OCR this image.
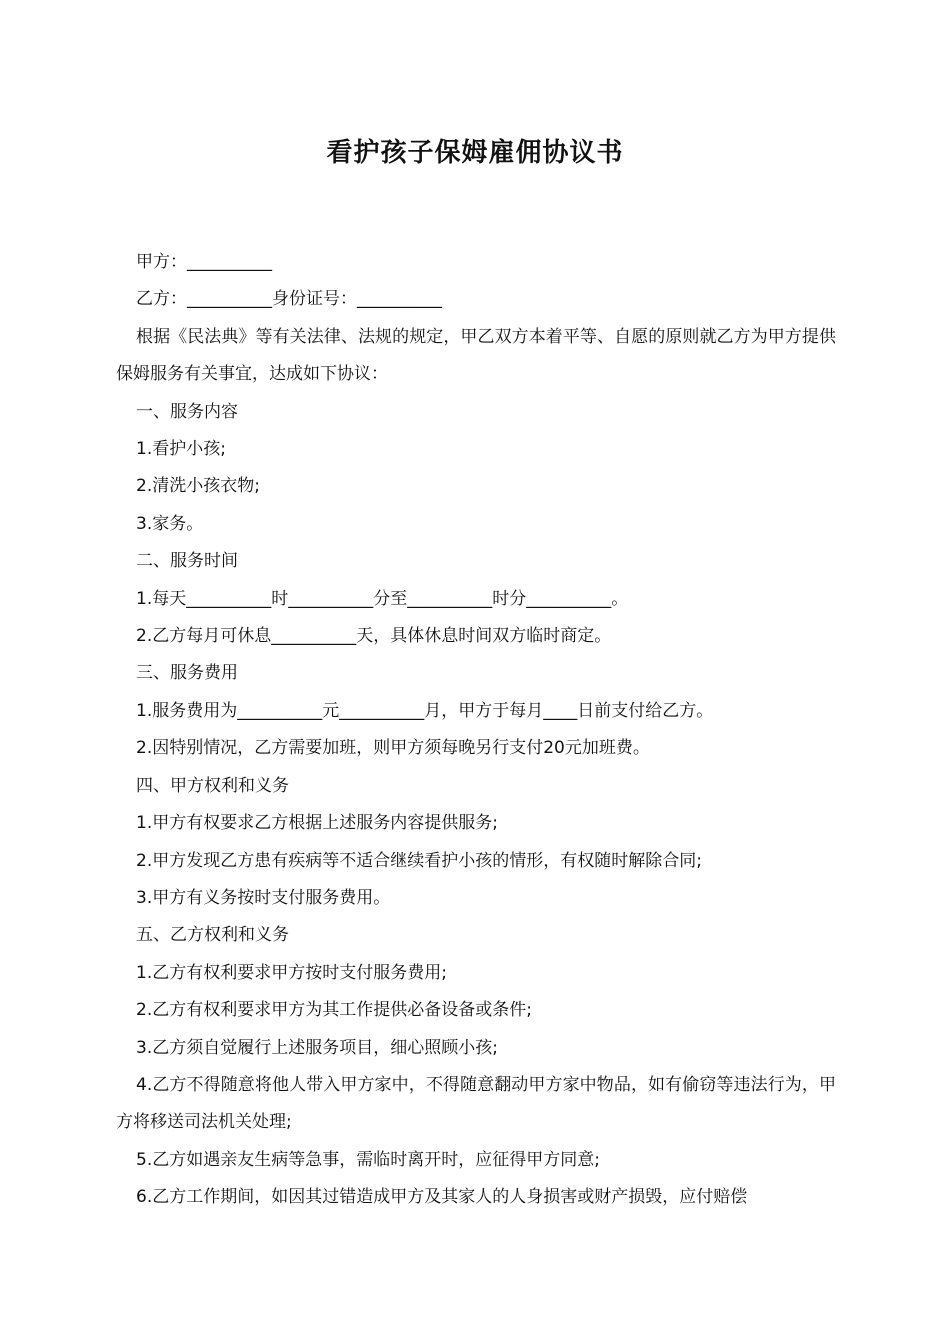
看护孩子保姆雇佣协议书

甲方：__________

乙方：__________身份证号：__________

根据《民法典》等有关法律、法规的规定，甲乙双方本着平等、自愿的原则就乙方为甲方提供保姆服务有关事宜，达成如下协议：

一、服务内容

1.看护小孩;

2.清洗小孩衣物;

3.家务。

二、服务时间

1.每天__________时__________分至__________时分__________。

2.乙方每月可休息__________天，具体休息时间双方临时商定。

三、服务费用

1.服务费用为__________元__________月，甲方于每月____日前支付给乙方。

2.因特别情况，乙方需要加班，则甲方须每晚另行支付20元加班费。

四、甲方权利和义务

1.甲方有权要求乙方根据上述服务内容提供服务;

2.甲方发现乙方患有疾病等不适合继续看护小孩的情形，有权随时解除合同;

3.甲方有义务按时支付服务费用。

五、乙方权利和义务

1.乙方有权利要求甲方按时支付服务费用;

2.乙方有权利要求甲方为其工作提供必备设备或条件;

3.乙方须自觉履行上述服务项目，细心照顾小孩;

4.乙方不得随意将他人带入甲方家中，不得随意翻动甲方家中物品，如有偷窃等违法行为，甲方将移送司法机关处理;

5.乙方如遇亲友生病等急事，需临时离开时，应征得甲方同意;

6.乙方工作期间，如因其过错造成甲方及其家人的人身损害或财产损毁，应付赔偿
